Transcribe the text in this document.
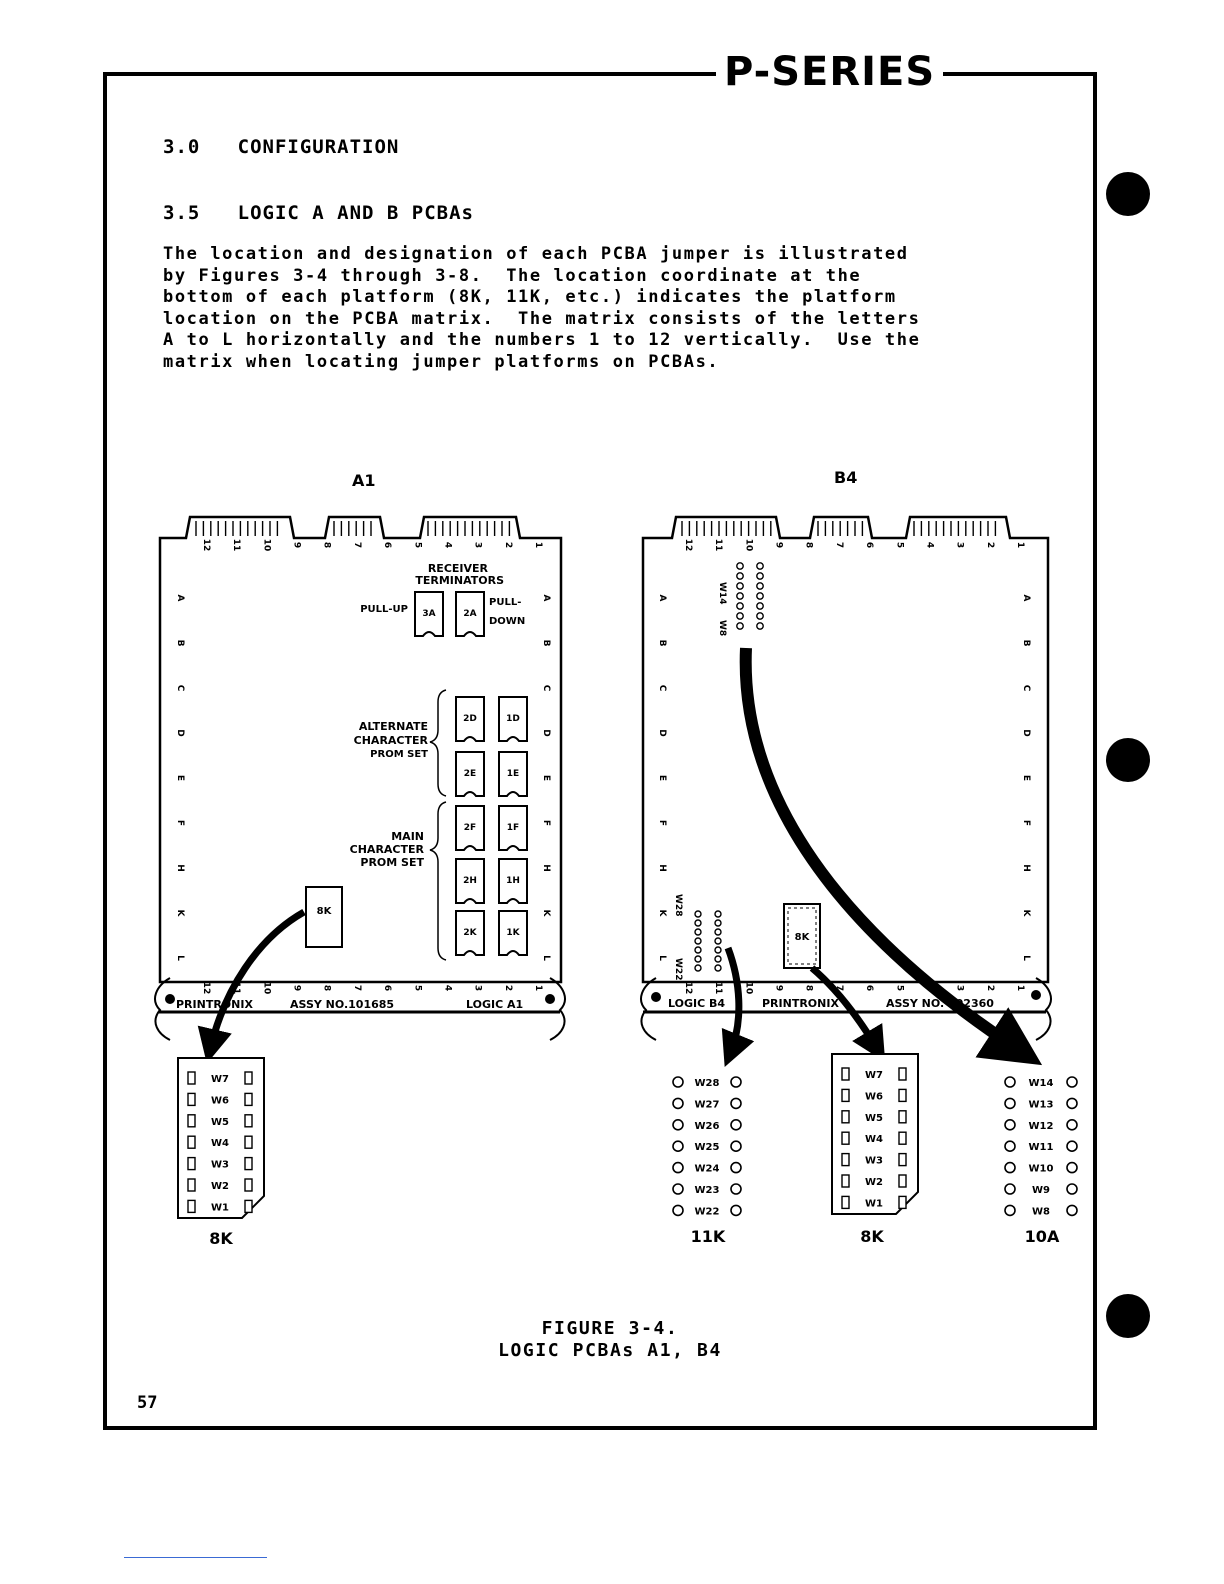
P-SERIES
3.0 CONFIGURATION
3.5 LOGIC A AND B PCBAs
The location and designation of each PCBA jumper is illustrated
by Figures 3-4 through 3-8.  The location coordinate at the
bottom of each platform (8K, 11K, etc.) indicates the platform
location on the PCBA matrix.  The matrix consists of the letters
A to L horizontally and the numbers 1 to 12 vertically.  Use the
matrix when locating jumper platforms on PCBAs.
A1	B4
12 11 10 9 8 7 6 5 4 3 2 1
12 11 10 9 8 7 6 5 4 3 2 1
A	A
B	B
C	C
D	D
E	E
F	F
H	H
K	K
L	L
RECEIVER
TERMINATORS
PULL-UP
PULL-
DOWN
ALTERNATE
CHARACTER
PROM SET
MAIN
CHARACTER
PROM SET
3A	2A
2D	1D
2E	1E
2F	1F
2H	1H
2K	1K
8K
PRINTRONIX	ASSY NO.101685	LOGIC A1
12 11 10 9 8 7 6 5 4 3 2 1
12 11 10 9 8 7 6 5 4 3 2 1
A	A
B	B
C	C
D	D
E	E
F	F
H	H
K	K
L	L
W14
W8
W28
W22
8K
LOGIC B4	PRINTRONIX	ASSY NO. 102360
W7
W6
W5
W4
W3
W2
W1
8K
W28
W27
W26
W25
W24
W23
W22
11K
W7
W6
W5
W4
W3
W2
W1
8K
W14
W13
W12
W11
W10
W9
W8
10A
FIGURE 3-4.
LOGIC PCBAs A1, B4
57
